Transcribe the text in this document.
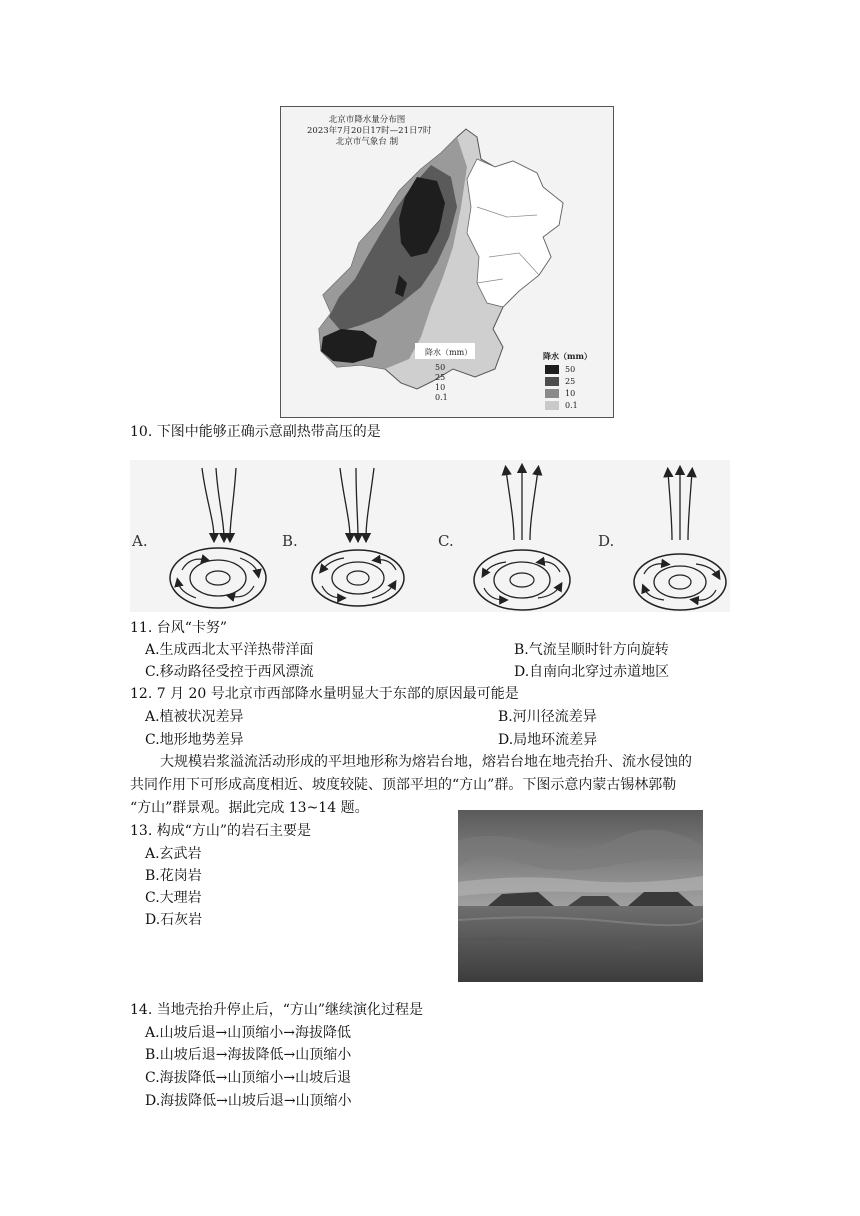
北京市降水量分布图
2023年7月20日17时—21日7时
北京市气象台 制
降水（mm）
50
25
10
0.1
降水（mm）
50
25
10
0.1
10. 下图中能够正确示意副热带高压的是
A.	B.	C.	D.
11. 台风“卡努”
A.生成西北太平洋热带洋面	B.气流呈顺时针方向旋转
C.移动路径受控于西风漂流	D.自南向北穿过赤道地区
12. 7 月 20 号北京市西部降水量明显大于东部的原因最可能是
A.植被状况差异	B.河川径流差异
C.地形地势差异	D.局地环流差异
大规模岩浆溢流活动形成的平坦地形称为熔岩台地，熔岩台地在地壳抬升、流水侵蚀的
共同作用下可形成高度相近、坡度较陡、顶部平坦的“方山”群。下图示意内蒙古锡林郭勒
“方山”群景观。据此完成 13~14 题。
13. 构成“方山”的岩石主要是
A.玄武岩
B.花岗岩
C.大理岩
D.石灰岩
14. 当地壳抬升停止后，“方山”继续演化过程是
A.山坡后退→山顶缩小→海拔降低
B.山坡后退→海拔降低→山顶缩小
C.海拔降低→山顶缩小→山坡后退
D.海拔降低→山坡后退→山顶缩小
